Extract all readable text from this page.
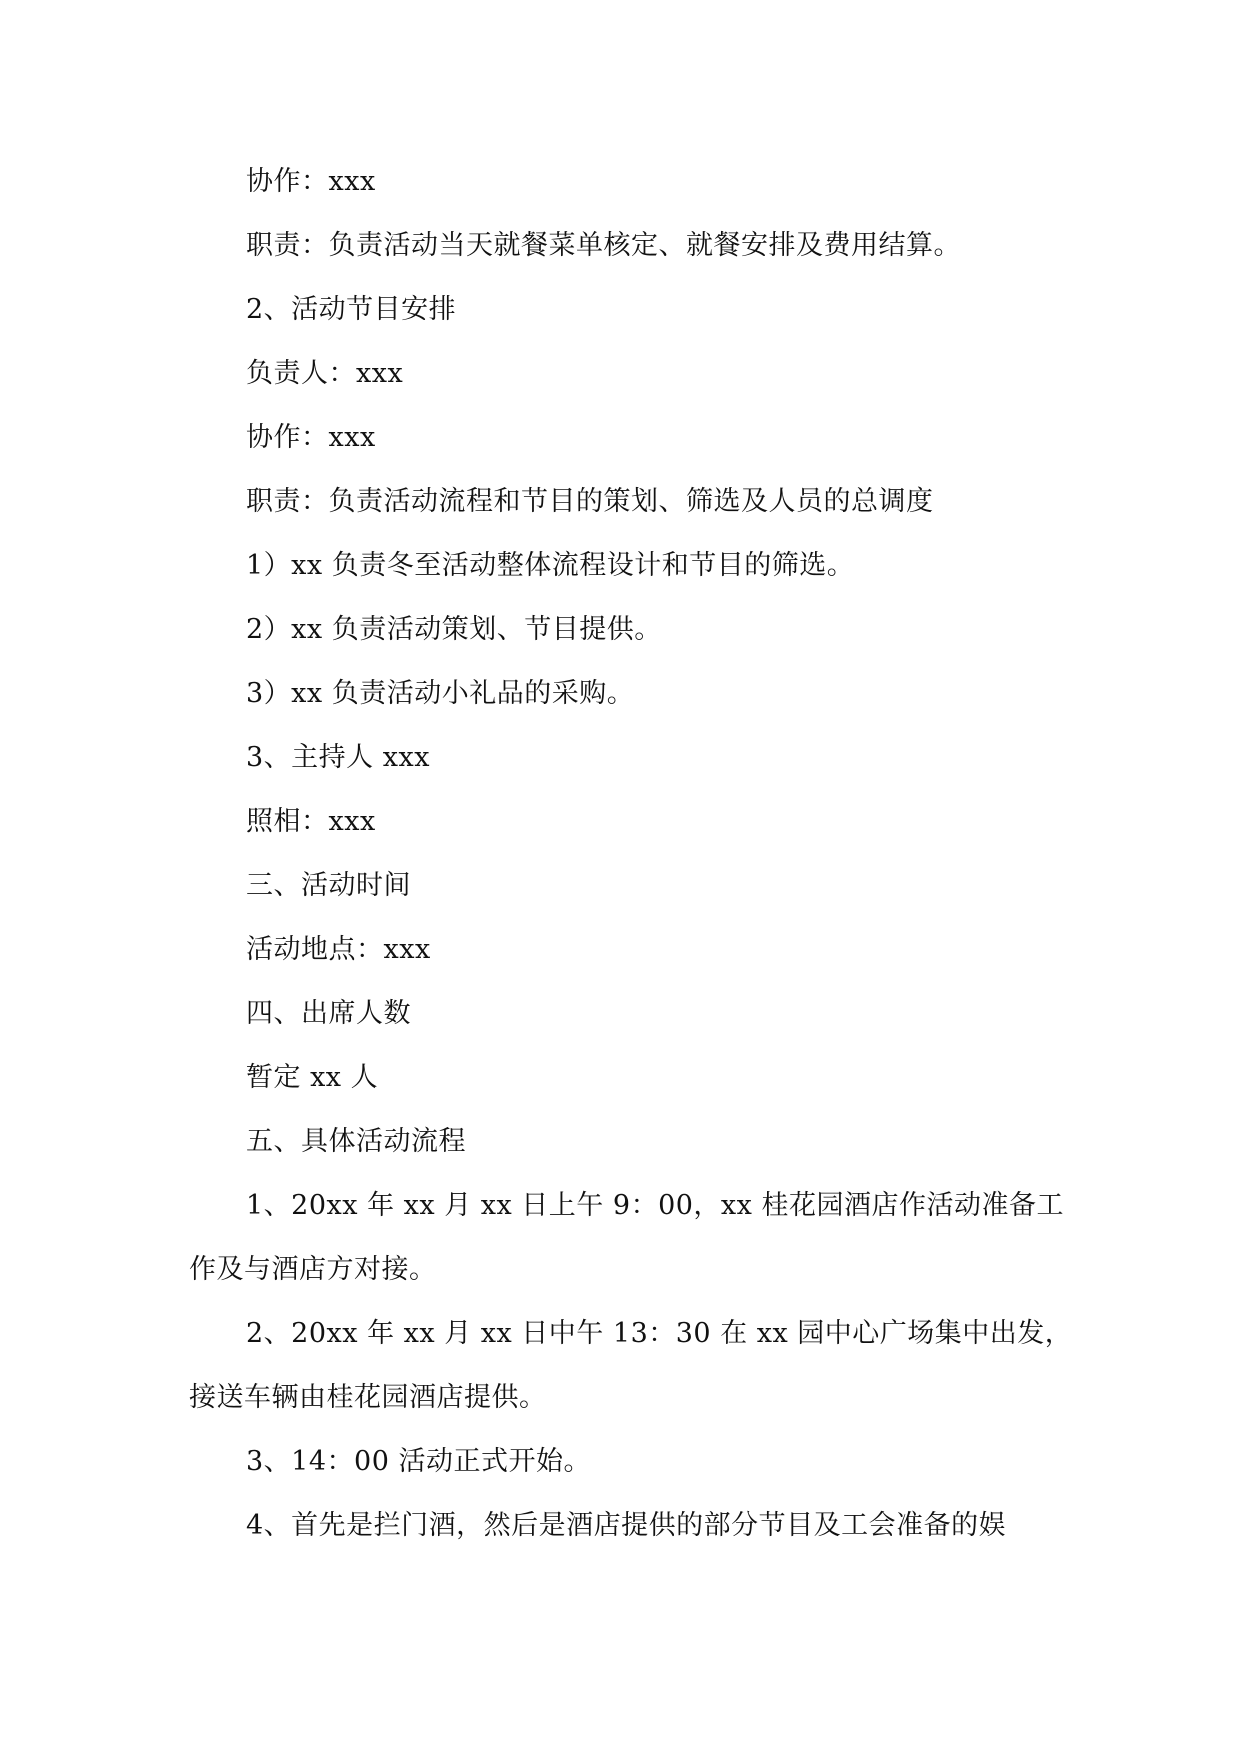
协作：xxx
职责：负责活动当天就餐菜单核定、就餐安排及费用结算。
2、活动节目安排
负责人：xxx
协作：xxx
职责：负责活动流程和节目的策划、筛选及人员的总调度
1）xx 负责冬至活动整体流程设计和节目的筛选。
2）xx 负责活动策划、节目提供。
3）xx 负责活动小礼品的采购。
3、主持人 xxx
照相：xxx
三、活动时间
活动地点：xxx
四、出席人数
暂定 xx 人
五、具体活动流程
1、20xx 年 xx 月 xx 日上午 9：00，xx 桂花园酒店作活动准备工
作及与酒店方对接。
2、20xx 年 xx 月 xx 日中午 13：30 在 xx 园中心广场集中出发，
接送车辆由桂花园酒店提供。
3、14：00 活动正式开始。
4、首先是拦门酒，然后是酒店提供的部分节目及工会准备的娱
